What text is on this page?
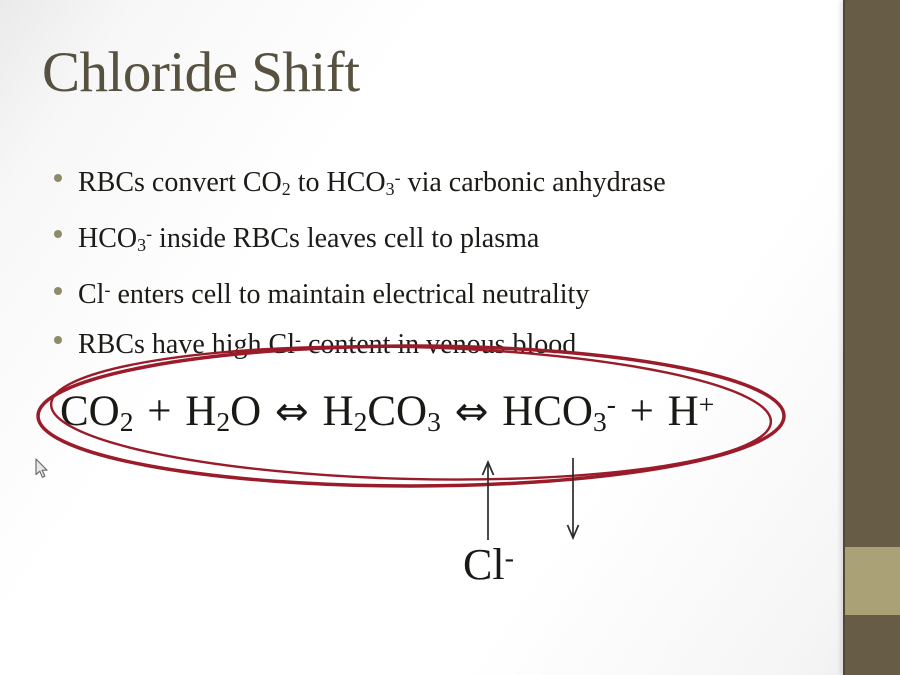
Chloride Shift
RBCs convert $CO_2$ to $HCO_3^-$ via carbonic anhydrase
$HCO_3^-$ inside RBCs leaves cell to plasma
Cl- enters cell to maintain electrical neutrality
RBCs have high Cl- content in venous blood
$CO_2 + H_2O$ ⇔ $H_2CO_3$ ⇔ $HCO_3^- + H^+$
Cl-
